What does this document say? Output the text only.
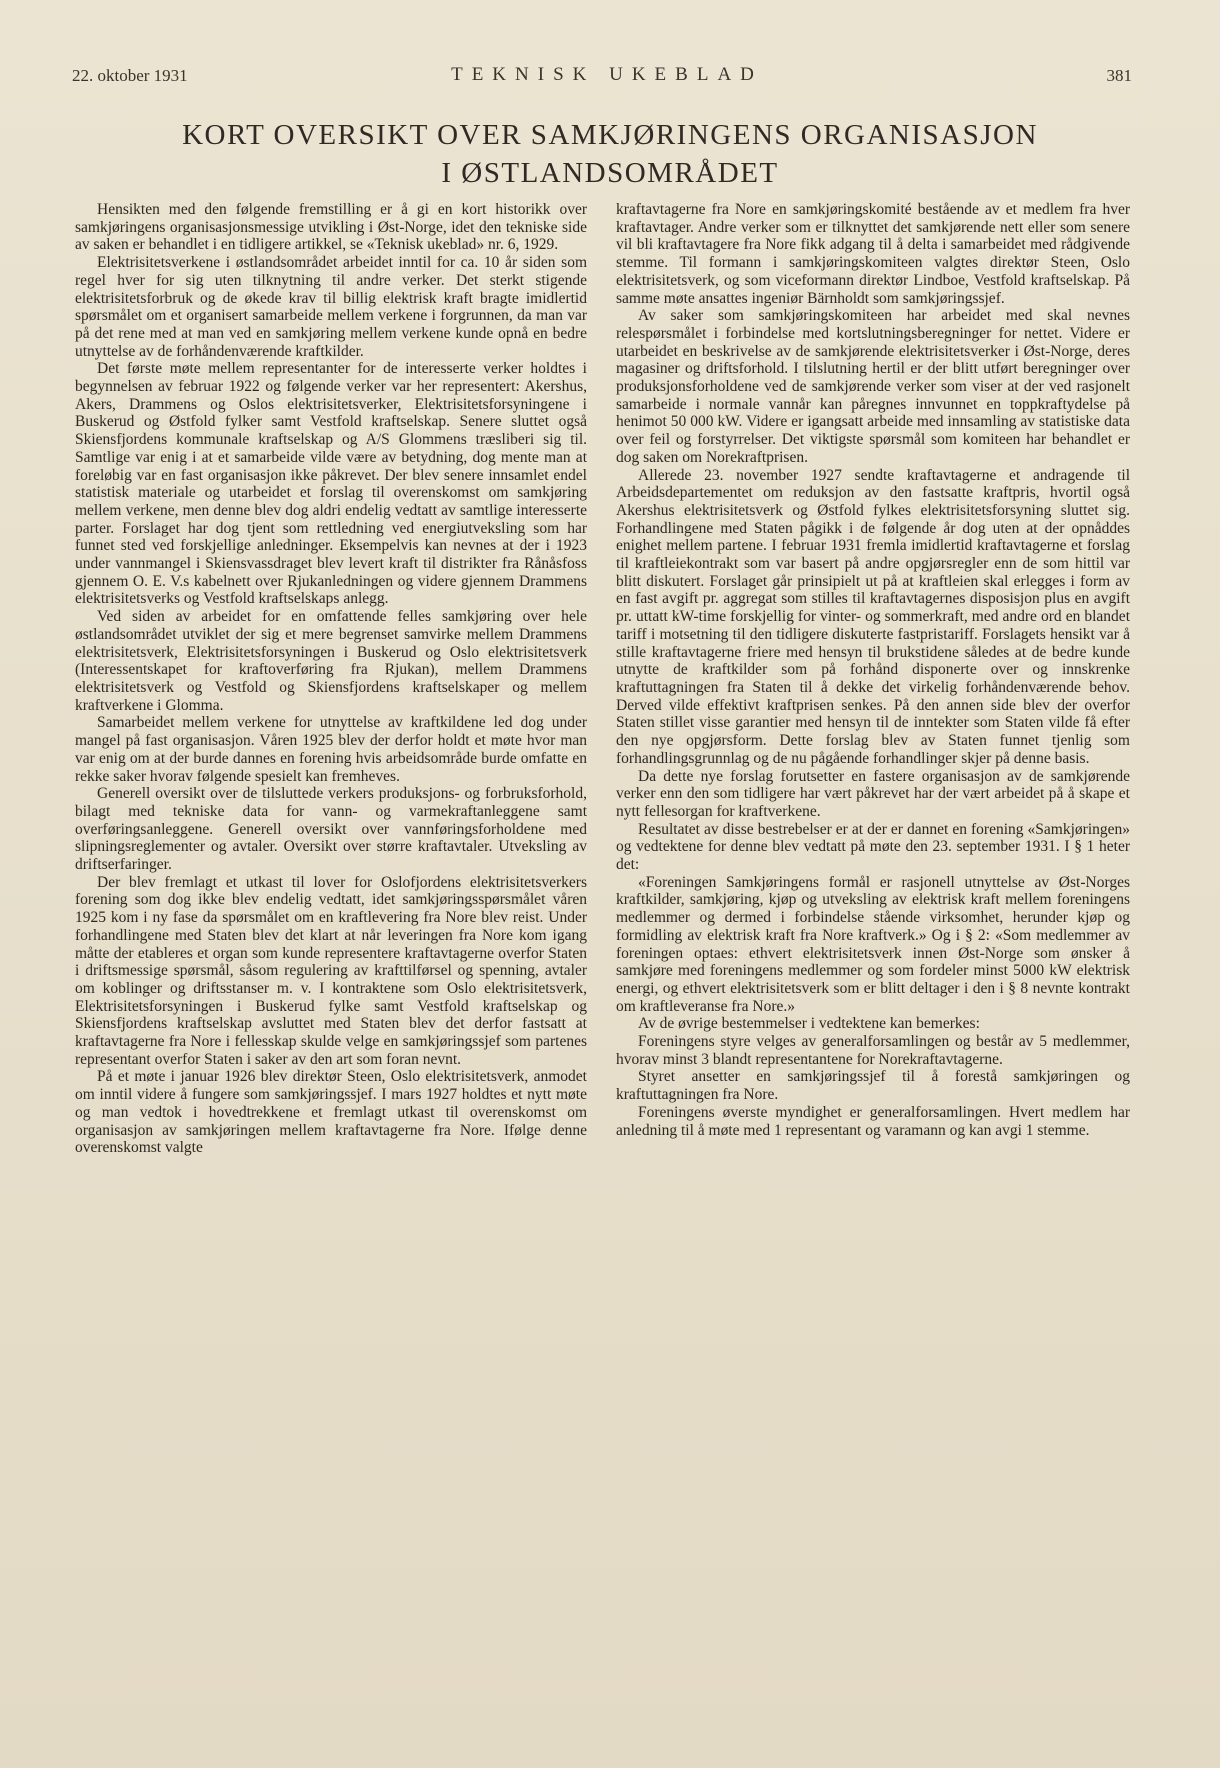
22. oktober 1931	TEKNISK UKEBLAD	381
KORT OVERSIKT OVER SAMKJØRINGENS ORGANISASJON
I ØSTLANDSOMRÅDET

Hensikten med den følgende fremstilling er å gi en kort historikk over samkjøringens organisasjonsmessige utvikling i Øst-Norge, idet den tekniske side av saken er behandlet i en tidligere artikkel, se «Teknisk ukeblad» nr. 6, 1929.

Elektrisitetsverkene i østlandsområdet arbeidet inntil for ca. 10 år siden som regel hver for sig uten tilknytning til andre verker. Det sterkt stigende elektrisitetsforbruk og de økede krav til billig elektrisk kraft bragte imidlertid spørsmålet om et organisert samarbeide mellem verkene i forgrunnen, da man var på det rene med at man ved en samkjøring mellem verkene kunde opnå en bedre utnyttelse av de forhåndenværende kraftkilder.

Det første møte mellem representanter for de interesserte verker holdtes i begynnelsen av februar 1922 og følgende verker var her representert: Akershus, Akers, Drammens og Oslos elektrisitetsverker, Elektrisitetsforsyningene i Buskerud og Østfold fylker samt Vestfold kraftselskap. Senere sluttet også Skiensfjordens kommunale kraftselskap og A/S Glommens træsliberi sig til. Samtlige var enig i at et samarbeide vilde være av betydning, dog mente man at foreløbig var en fast organisasjon ikke påkrevet. Der blev senere innsamlet endel statistisk materiale og utarbeidet et forslag til overenskomst om samkjøring mellem verkene, men denne blev dog aldri endelig vedtatt av samtlige interesserte parter. Forslaget har dog tjent som rettledning ved energiutveksling som har funnet sted ved forskjellige anledninger. Eksempelvis kan nevnes at der i 1923 under vannmangel i Skiensvassdraget blev levert kraft til distrikter fra Rånåsfoss gjennem O. E. V.s kabelnett over Rjukanledningen og videre gjennem Drammens elektrisitetsverks og Vestfold kraftselskaps anlegg.

Ved siden av arbeidet for en omfattende felles samkjøring over hele østlandsområdet utviklet der sig et mere begrenset samvirke mellem Drammens elektrisitetsverk, Elektrisitetsforsyningen i Buskerud og Oslo elektrisitetsverk (Interessentskapet for kraftoverføring fra Rjukan), mellem Drammens elektrisitetsverk og Vestfold og Skiensfjordens kraftselskaper og mellem kraftverkene i Glomma.

Samarbeidet mellem verkene for utnyttelse av kraftkildene led dog under mangel på fast organisasjon. Våren 1925 blev der derfor holdt et møte hvor man var enig om at der burde dannes en forening hvis arbeidsområde burde omfatte en rekke saker hvorav følgende spesielt kan fremheves.

Generell oversikt over de tilsluttede verkers produksjons- og forbruksforhold, bilagt med tekniske data for vann- og varmekraftanleggene samt overføringsanleggene. Generell oversikt over vannføringsforholdene med slipningsreglementer og avtaler. Oversikt over større kraftavtaler. Utveksling av driftserfaringer.

Der blev fremlagt et utkast til lover for Oslofjordens elektrisitetsverkers forening som dog ikke blev endelig vedtatt, idet samkjøringsspørsmålet våren 1925 kom i ny fase da spørsmålet om en kraftlevering fra Nore blev reist. Under forhandlingene med Staten blev det klart at når leveringen fra Nore kom igang måtte der etableres et organ som kunde representere kraftavtagerne overfor Staten i driftsmessige spørsmål, såsom regulering av krafttilførsel og spenning, avtaler om koblinger og driftsstanser m. v. I kontraktene som Oslo elektrisitetsverk, Elektrisitetsforsyningen i Buskerud fylke samt Vestfold kraftselskap og Skiensfjordens kraftselskap avsluttet med Staten blev det derfor fastsatt at kraftavtagerne fra Nore i fellesskap skulde velge en samkjøringssjef som partenes representant overfor Staten i saker av den art som foran nevnt.

På et møte i januar 1926 blev direktør Steen, Oslo elektrisitetsverk, anmodet om inntil videre å fungere som samkjøringssjef. I mars 1927 holdtes et nytt møte og man vedtok i hovedtrekkene et fremlagt utkast til overenskomst om organisasjon av samkjøringen mellem kraftavtagerne fra Nore. Ifølge denne overenskomst valgte

kraftavtagerne fra Nore en samkjøringskomité bestående av et medlem fra hver kraftavtager. Andre verker som er tilknyttet det samkjørende nett eller som senere vil bli kraftavtagere fra Nore fikk adgang til å delta i samarbeidet med rådgivende stemme. Til formann i samkjøringskomiteen valgtes direktør Steen, Oslo elektrisitetsverk, og som viceformann direktør Lindboe, Vestfold kraftselskap. På samme møte ansattes ingeniør Bärnholdt som samkjøringssjef.

Av saker som samkjøringskomiteen har arbeidet med skal nevnes relespørsmålet i forbindelse med kortslutningsberegninger for nettet. Videre er utarbeidet en beskrivelse av de samkjørende elektrisitetsverker i Øst-Norge, deres magasiner og driftsforhold. I tilslutning hertil er der blitt utført beregninger over produksjonsforholdene ved de samkjørende verker som viser at der ved rasjonelt samarbeide i normale vannår kan påregnes innvunnet en toppkraftydelse på henimot 50 000 kW. Videre er igangsatt arbeide med innsamling av statistiske data over feil og forstyrrelser. Det viktigste spørsmål som komiteen har behandlet er dog saken om Norekraftprisen.

Allerede 23. november 1927 sendte kraftavtagerne et andragende til Arbeidsdepartementet om reduksjon av den fastsatte kraftpris, hvortil også Akershus elektrisitetsverk og Østfold fylkes elektrisitetsforsyning sluttet sig. Forhandlingene med Staten pågikk i de følgende år dog uten at der opnåddes enighet mellem partene. I februar 1931 fremla imidlertid kraftavtagerne et forslag til kraftleiekontrakt som var basert på andre opgjørsregler enn de som hittil var blitt diskutert. Forslaget går prinsipielt ut på at kraftleien skal erlegges i form av en fast avgift pr. aggregat som stilles til kraftavtagernes disposisjon plus en avgift pr. uttatt kW-time forskjellig for vinter- og sommerkraft, med andre ord en blandet tariff i motsetning til den tidligere diskuterte fastpristariff. Forslagets hensikt var å stille kraftavtagerne friere med hensyn til brukstidene således at de bedre kunde utnytte de kraftkilder som på forhånd disponerte over og innskrenke kraftuttagningen fra Staten til å dekke det virkelig forhåndenværende behov. Derved vilde effektivt kraftprisen senkes. På den annen side blev der overfor Staten stillet visse garantier med hensyn til de inntekter som Staten vilde få efter den nye opgjørsform. Dette forslag blev av Staten funnet tjenlig som forhandlingsgrunnlag og de nu pågående forhandlinger skjer på denne basis.

Da dette nye forslag forutsetter en fastere organisasjon av de samkjørende verker enn den som tidligere har vært påkrevet har der vært arbeidet på å skape et nytt fellesorgan for kraftverkene.

Resultatet av disse bestrebelser er at der er dannet en forening «Samkjøringen» og vedtektene for denne blev vedtatt på møte den 23. september 1931. I § 1 heter det:

«Foreningen Samkjøringens formål er rasjonell utnyttelse av Øst-Norges kraftkilder, samkjøring, kjøp og utveksling av elektrisk kraft mellem foreningens medlemmer og dermed i forbindelse stående virksomhet, herunder kjøp og formidling av elektrisk kraft fra Nore kraftverk.» Og i § 2: «Som medlemmer av foreningen optaes: ethvert elektrisitetsverk innen Øst-Norge som ønsker å samkjøre med foreningens medlemmer og som fordeler minst 5000 kW elektrisk energi, og ethvert elektrisitetsverk som er blitt deltager i den i § 8 nevnte kontrakt om kraftleveranse fra Nore.»

Av de øvrige bestemmelser i vedtektene kan bemerkes:

Foreningens styre velges av generalforsamlingen og består av 5 medlemmer, hvorav minst 3 blandt representantene for Norekraftavtagerne.

Styret ansetter en samkjøringssjef til å forestå samkjøringen og kraftuttagningen fra Nore.

Foreningens øverste myndighet er generalforsamlingen. Hvert medlem har anledning til å møte med 1 representant og varamann og kan avgi 1 stemme.
